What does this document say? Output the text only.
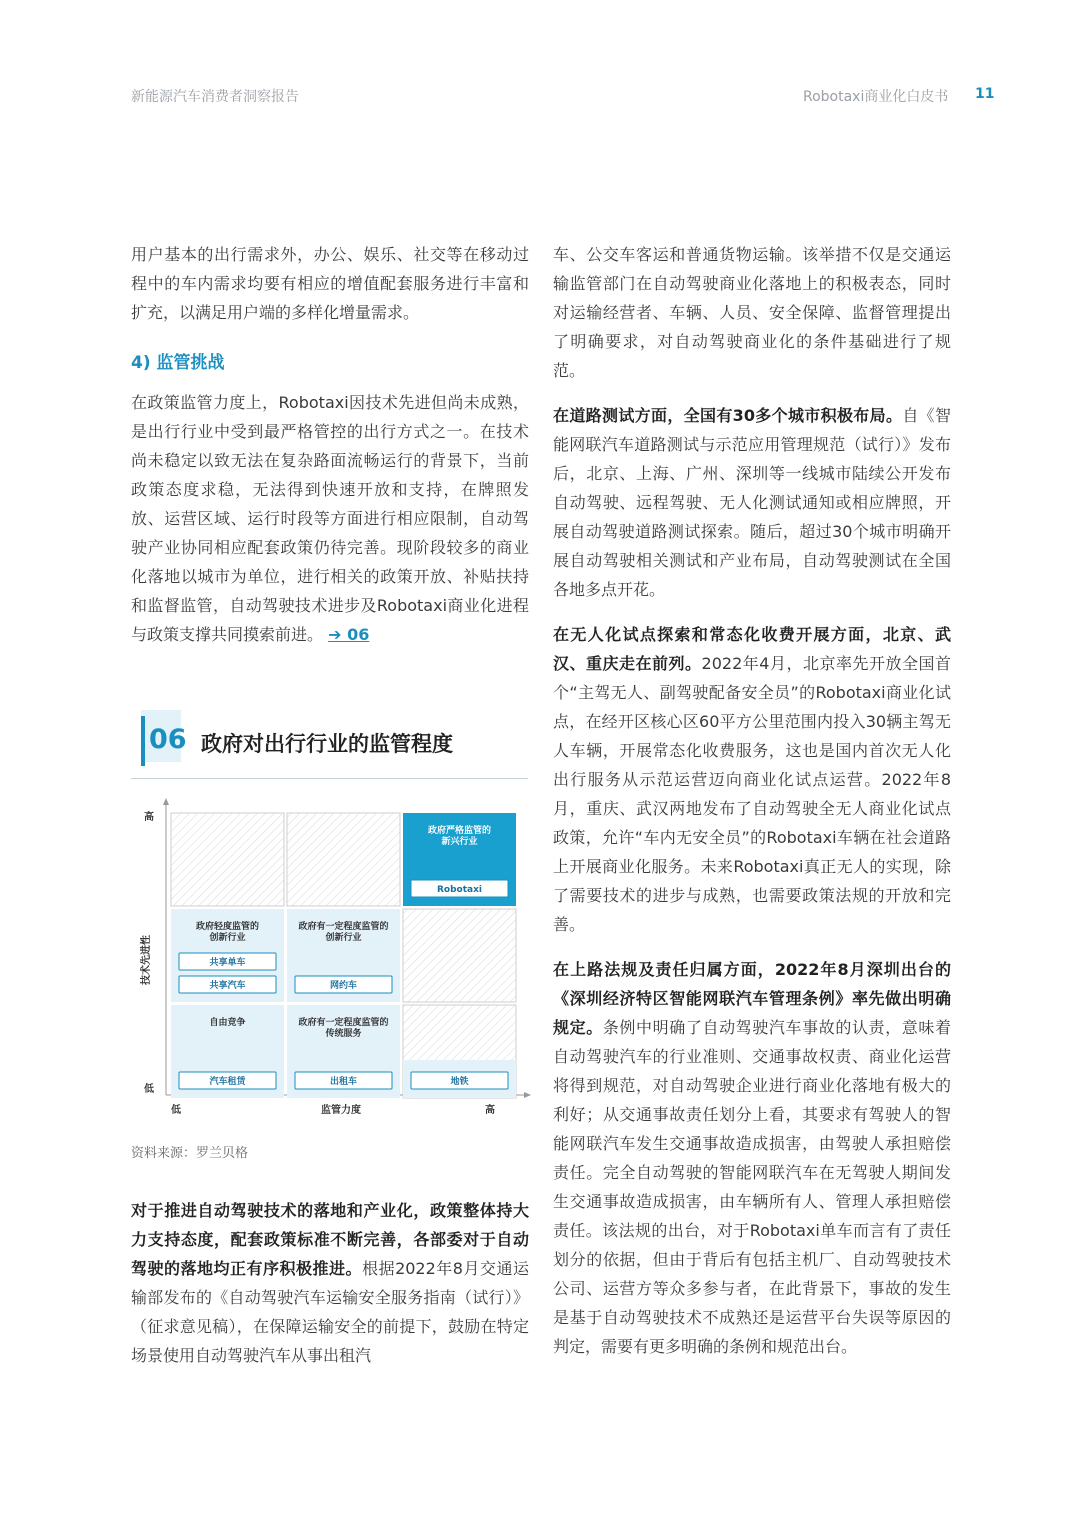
新能源汽车消费者洞察报告	Robotaxi商业化白皮书 11

用户基本的出行需求外，办公、娱乐、社交等在移动过程中的车内需求均要有相应的增值配套服务进行丰富和扩充，以满足用户端的多样化增量需求。

4) 监管挑战

在政策监管力度上，Robotaxi因技术先进但尚未成熟，是出行行业中受到最严格管控的出行方式之一。在技术尚未稳定以致无法在复杂路面流畅运行的背景下，当前政策态度求稳，无法得到快速开放和支持，在牌照发放、运营区域、运行时段等方面进行相应限制，自动驾驶产业协同相应配套政策仍待完善。现阶段较多的商业化落地以城市为单位，进行相关的政策开放、补贴扶持和监督监管，自动驾驶技术进步及Robotaxi商业化进程与政策支撑共同摸索前进。 ➔ 06

06 政府对出行行业的监管程度
政府严格监管的
新兴行业
Robotaxi
政府轻度监管的
创新行业
共享单车
共享汽车
政府有一定程度监管的
创新行业
网约车
自由竞争
汽车租赁
政府有一定程度监管的
传统服务
出租车	地铁
高
低
技术先进性
低	监管力度	高
资料来源：罗兰贝格
对于推进自动驾驶技术的落地和产业化，政策整体持大力支持态度，配套政策标准不断完善，各部委对于自动驾驶的落地均正有序积极推进。根据2022年8月交通运输部发布的《自动驾驶汽车运输安全服务指南（试行）》（征求意见稿），在保障运输安全的前提下，鼓励在特定场景使用自动驾驶汽车从事出租汽

车、公交车客运和普通货物运输。该举措不仅是交通运输监管部门在自动驾驶商业化落地上的积极表态，同时对运输经营者、车辆、人员、安全保障、监督管理提出了明确要求，对自动驾驶商业化的条件基础进行了规范。

在道路测试方面，全国有30多个城市积极布局。自《智能网联汽车道路测试与示范应用管理规范（试行）》发布后，北京、上海、广州、深圳等一线城市陆续公开发布自动驾驶、远程驾驶、无人化测试通知或相应牌照，开展自动驾驶道路测试探索。随后，超过30个城市明确开展自动驾驶相关测试和产业布局，自动驾驶测试在全国各地多点开花。

在无人化试点探索和常态化收费开展方面，北京、武汉、重庆走在前列。2022年4月，北京率先开放全国首个“主驾无人、副驾驶配备安全员”的Robotaxi商业化试点，在经开区核心区60平方公里范围内投入30辆主驾无人车辆，开展常态化收费服务，这也是国内首次无人化出行服务从示范运营迈向商业化试点运营。2022年8月，重庆、武汉两地发布了自动驾驶全无人商业化试点政策，允许“车内无安全员”的Robotaxi车辆在社会道路上开展商业化服务。未来Robotaxi真正无人的实现，除了需要技术的进步与成熟，也需要政策法规的开放和完善。

在上路法规及责任归属方面，2022年8月深圳出台的《深圳经济特区智能网联汽车管理条例》率先做出明确规定。条例中明确了自动驾驶汽车事故的认责，意味着自动驾驶汽车的行业准则、交通事故权责、商业化运营将得到规范，对自动驾驶企业进行商业化落地有极大的利好；从交通事故责任划分上看，其要求有驾驶人的智能网联汽车发生交通事故造成损害，由驾驶人承担赔偿责任。完全自动驾驶的智能网联汽车在无驾驶人期间发生交通事故造成损害，由车辆所有人、管理人承担赔偿责任。该法规的出台，对于Robotaxi单车而言有了责任划分的依据，但由于背后有包括主机厂、自动驾驶技术公司、运营方等众多参与者，在此背景下，事故的发生是基于自动驾驶技术不成熟还是运营平台失误等原因的判定，需要有更多明确的条例和规范出台。
